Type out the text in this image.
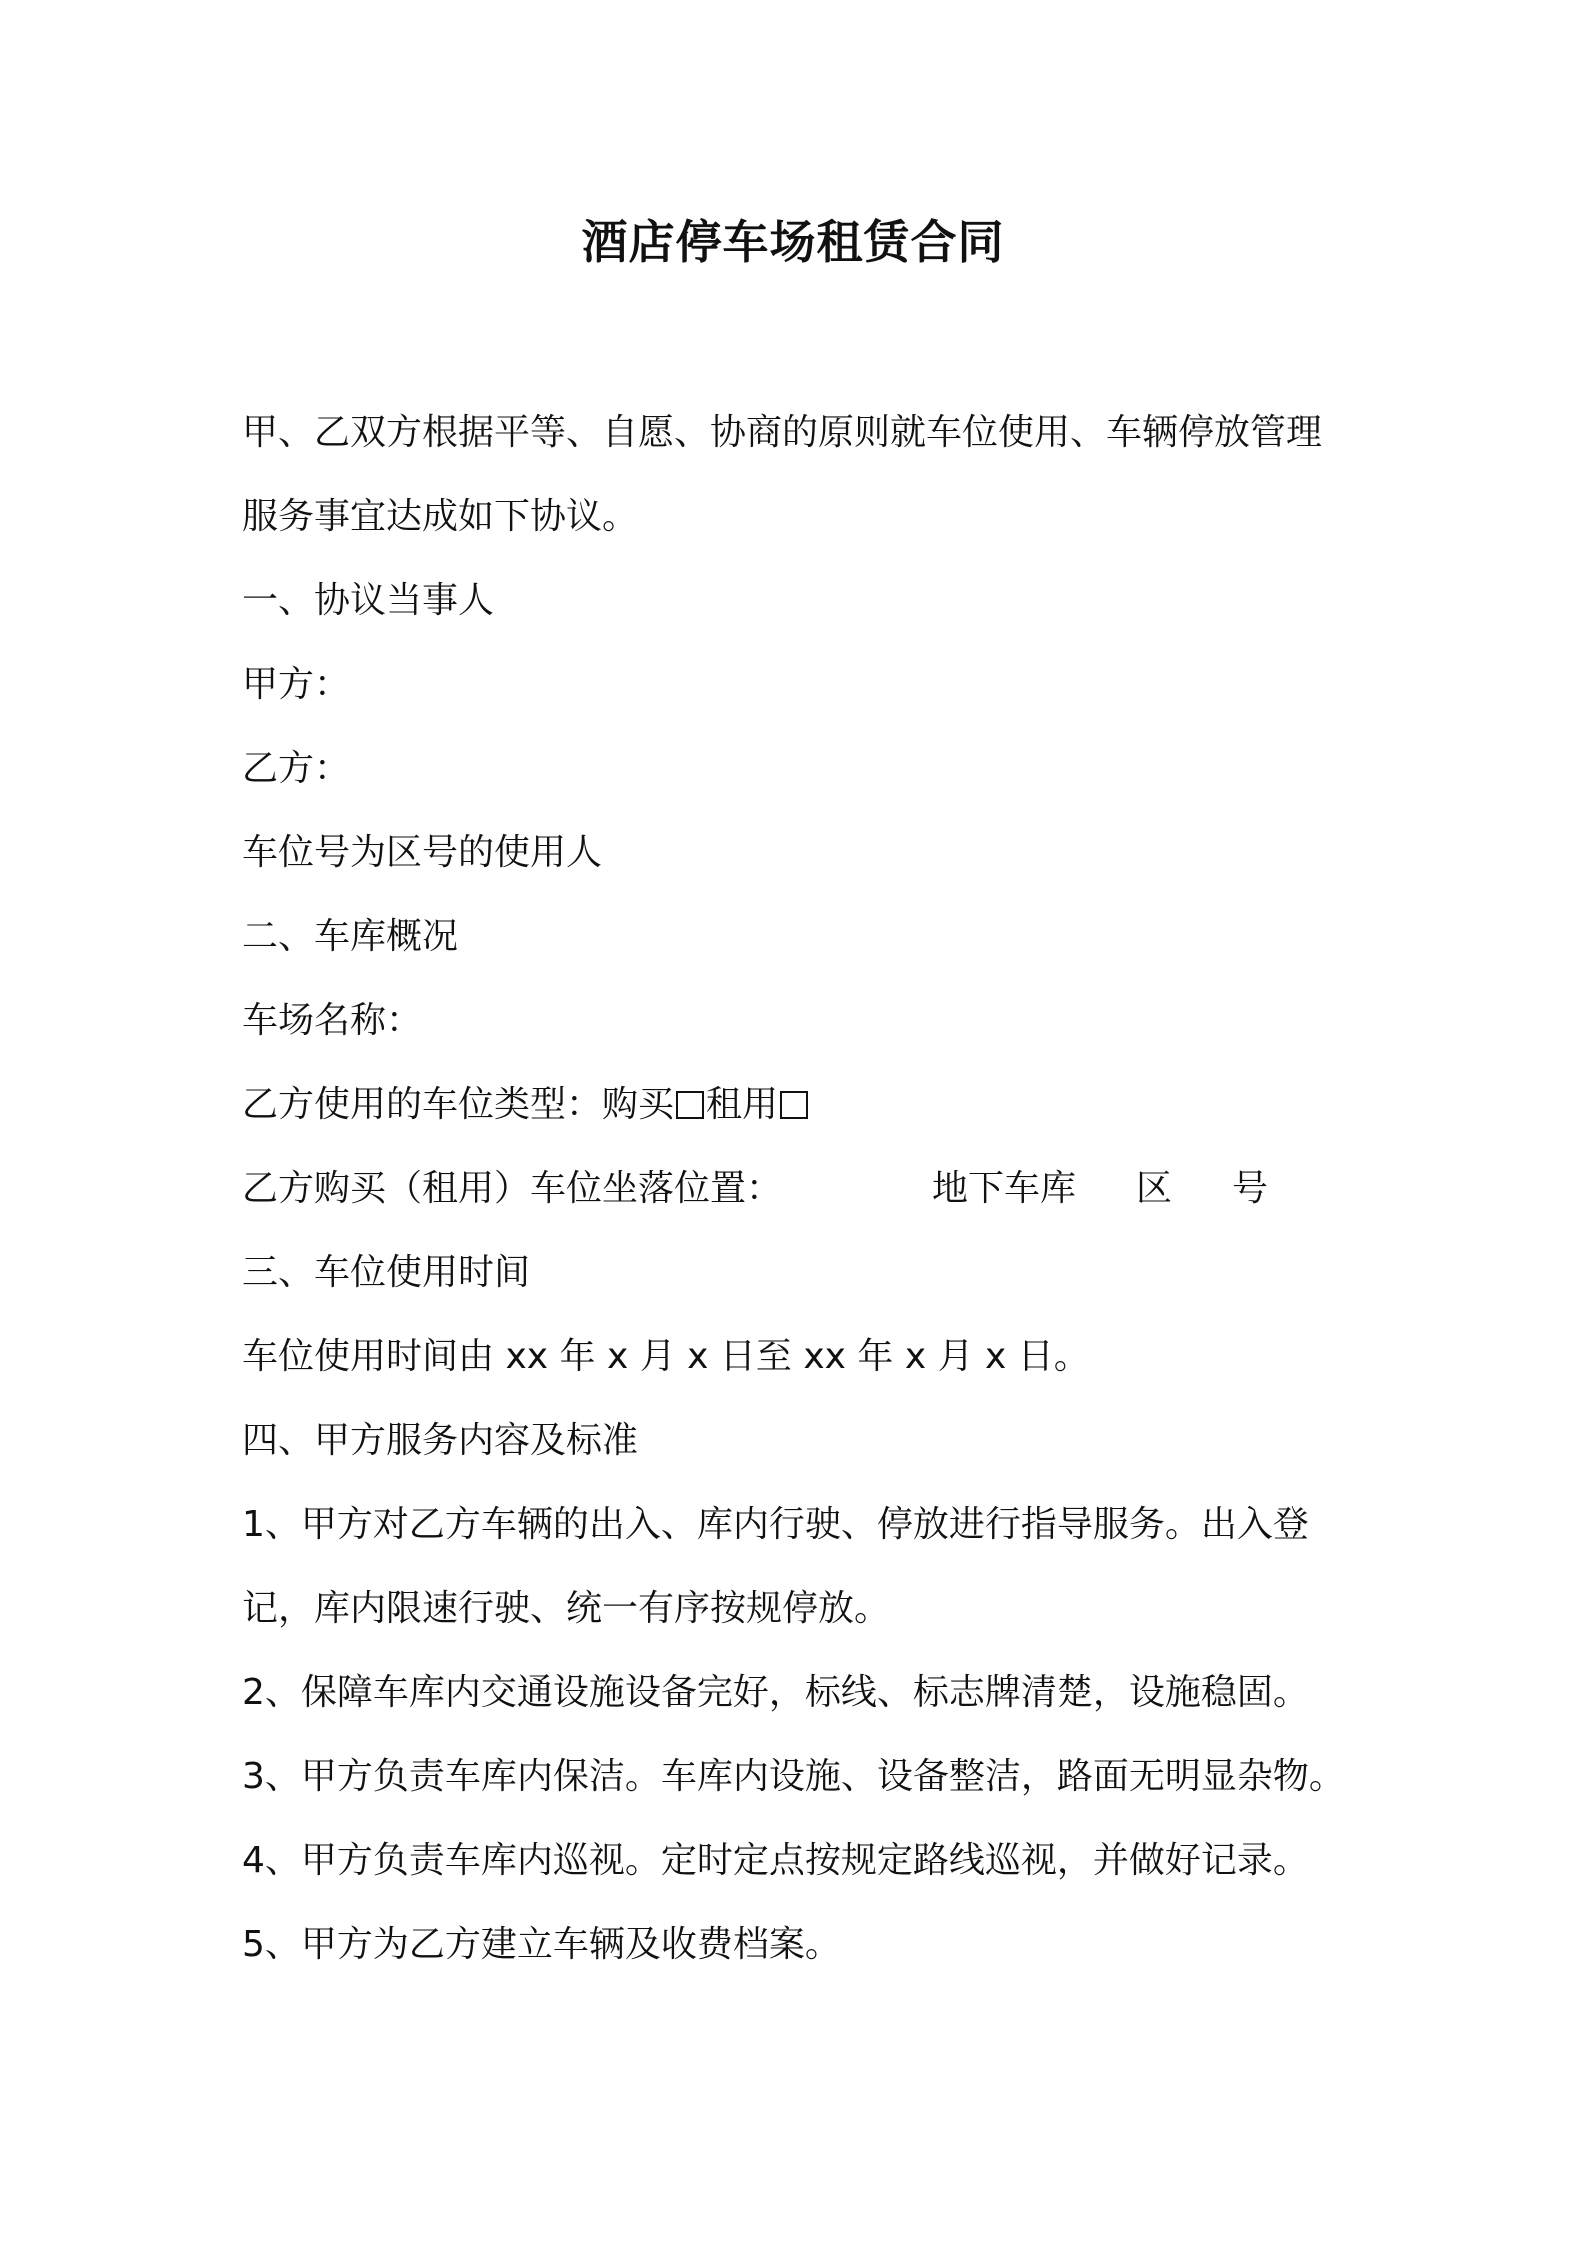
酒店停车场租赁合同
甲、乙双方根据平等、自愿、协商的原则就车位使用、车辆停放管理
服务事宜达成如下协议。
一、协议当事人
甲方：
乙方：
车位号为区号的使用人
二、车库概况
车场名称：
乙方使用的车位类型：购买 租用
乙方购买（租用）车位坐落位置：	地下车库 区 号
三、车位使用时间
车位使用时间由 xx 年 x 月 x 日至 xx 年 x 月 x 日。
四、甲方服务内容及标准
1、甲方对乙方车辆的出入、库内行驶、停放进行指导服务。出入登
记，库内限速行驶、统一有序按规停放。
2、保障车库内交通设施设备完好，标线、标志牌清楚，设施稳固。
3、甲方负责车库内保洁。车库内设施、设备整洁，路面无明显杂物。
4、甲方负责车库内巡视。定时定点按规定路线巡视，并做好记录。
5、甲方为乙方建立车辆及收费档案。
